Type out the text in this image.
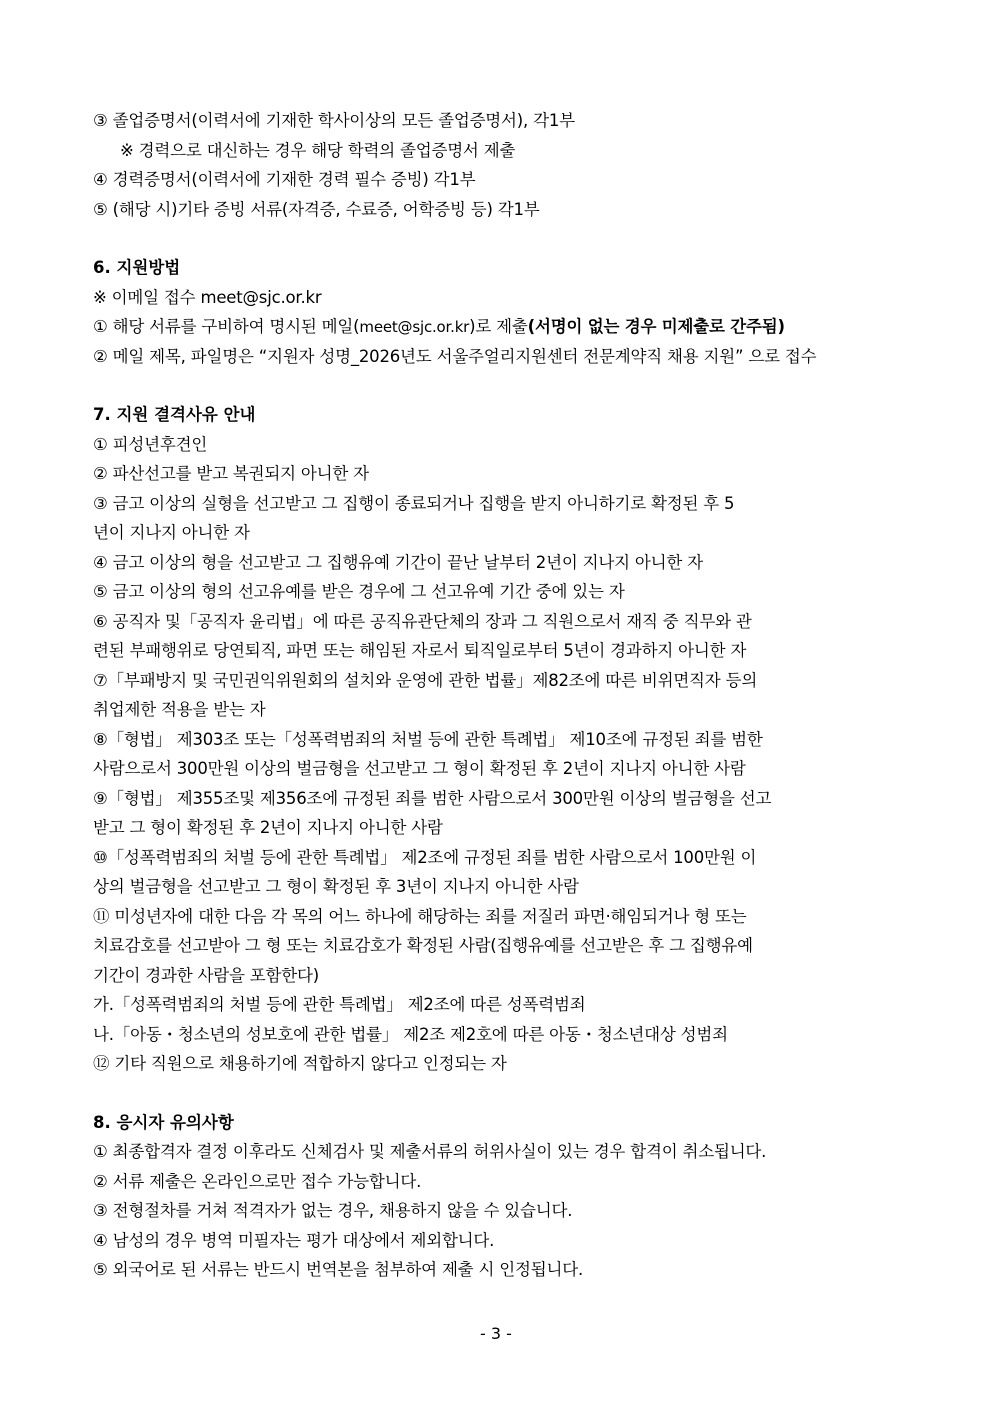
③ 졸업증명서(이력서에 기재한 학사이상의 모든 졸업증명서), 각1부
※ 경력으로 대신하는 경우 해당 학력의 졸업증명서 제출
④ 경력증명서(이력서에 기재한 경력 필수 증빙) 각1부
⑤ (해당 시)기타 증빙 서류(자격증, 수료증, 어학증빙 등) 각1부
6. 지원방법
※ 이메일 접수 meet@sjc.or.kr
① 해당 서류를 구비하여 명시된 메일(meet@sjc.or.kr)로 제출(서명이 없는 경우 미제출로 간주됨)
② 메일 제목, 파일명은 “지원자 성명_2026년도 서울주얼리지원센터 전문계약직 채용 지원” 으로 접수
7. 지원 결격사유 안내
① 피성년후견인
② 파산선고를 받고 복권되지 아니한 자
③ 금고 이상의 실형을 선고받고 그 집행이 종료되거나 집행을 받지 아니하기로 확정된 후 5
년이 지나지 아니한 자
④ 금고 이상의 형을 선고받고 그 집행유예 기간이 끝난 날부터 2년이 지나지 아니한 자
⑤ 금고 이상의 형의 선고유예를 받은 경우에 그 선고유예 기간 중에 있는 자
⑥ 공직자 및「공직자 윤리법」에 따른 공직유관단체의 장과 그 직원으로서 재직 중 직무와 관
련된 부패행위로 당연퇴직, 파면 또는 해임된 자로서 퇴직일로부터 5년이 경과하지 아니한 자
⑦「부패방지 및 국민권익위원회의 설치와 운영에 관한 법률」제82조에 따른 비위면직자 등의
취업제한 적용을 받는 자
⑧「형법」 제303조 또는「성폭력범죄의 처벌 등에 관한 특례법」 제10조에 규정된 죄를 범한
사람으로서 300만원 이상의 벌금형을 선고받고 그 형이 확정된 후 2년이 지나지 아니한 사람
⑨「형법」 제355조및 제356조에 규정된 죄를 범한 사람으로서 300만원 이상의 벌금형을 선고
받고 그 형이 확정된 후 2년이 지나지 아니한 사람
⑩「성폭력범죄의 처벌 등에 관한 특례법」 제2조에 규정된 죄를 범한 사람으로서 100만원 이
상의 벌금형을 선고받고 그 형이 확정된 후 3년이 지나지 아니한 사람
⑪ 미성년자에 대한 다음 각 목의 어느 하나에 해당하는 죄를 저질러 파면·해임되거나 형 또는
치료감호를 선고받아 그 형 또는 치료감호가 확정된 사람(집행유예를 선고받은 후 그 집행유예
기간이 경과한 사람을 포함한다)
가.「성폭력범죄의 처벌 등에 관한 특례법」 제2조에 따른 성폭력범죄
나.「아동・청소년의 성보호에 관한 법률」 제2조 제2호에 따른 아동・청소년대상 성범죄
⑫ 기타 직원으로 채용하기에 적합하지 않다고 인정되는 자
8. 응시자 유의사항
① 최종합격자 결정 이후라도 신체검사 및 제출서류의 허위사실이 있는 경우 합격이 취소됩니다.
② 서류 제출은 온라인으로만 접수 가능합니다.
③ 전형절차를 거쳐 적격자가 없는 경우, 채용하지 않을 수 있습니다.
④ 남성의 경우 병역 미필자는 평가 대상에서 제외합니다.
⑤ 외국어로 된 서류는 반드시 번역본을 첨부하여 제출 시 인정됩니다.
- 3 -
